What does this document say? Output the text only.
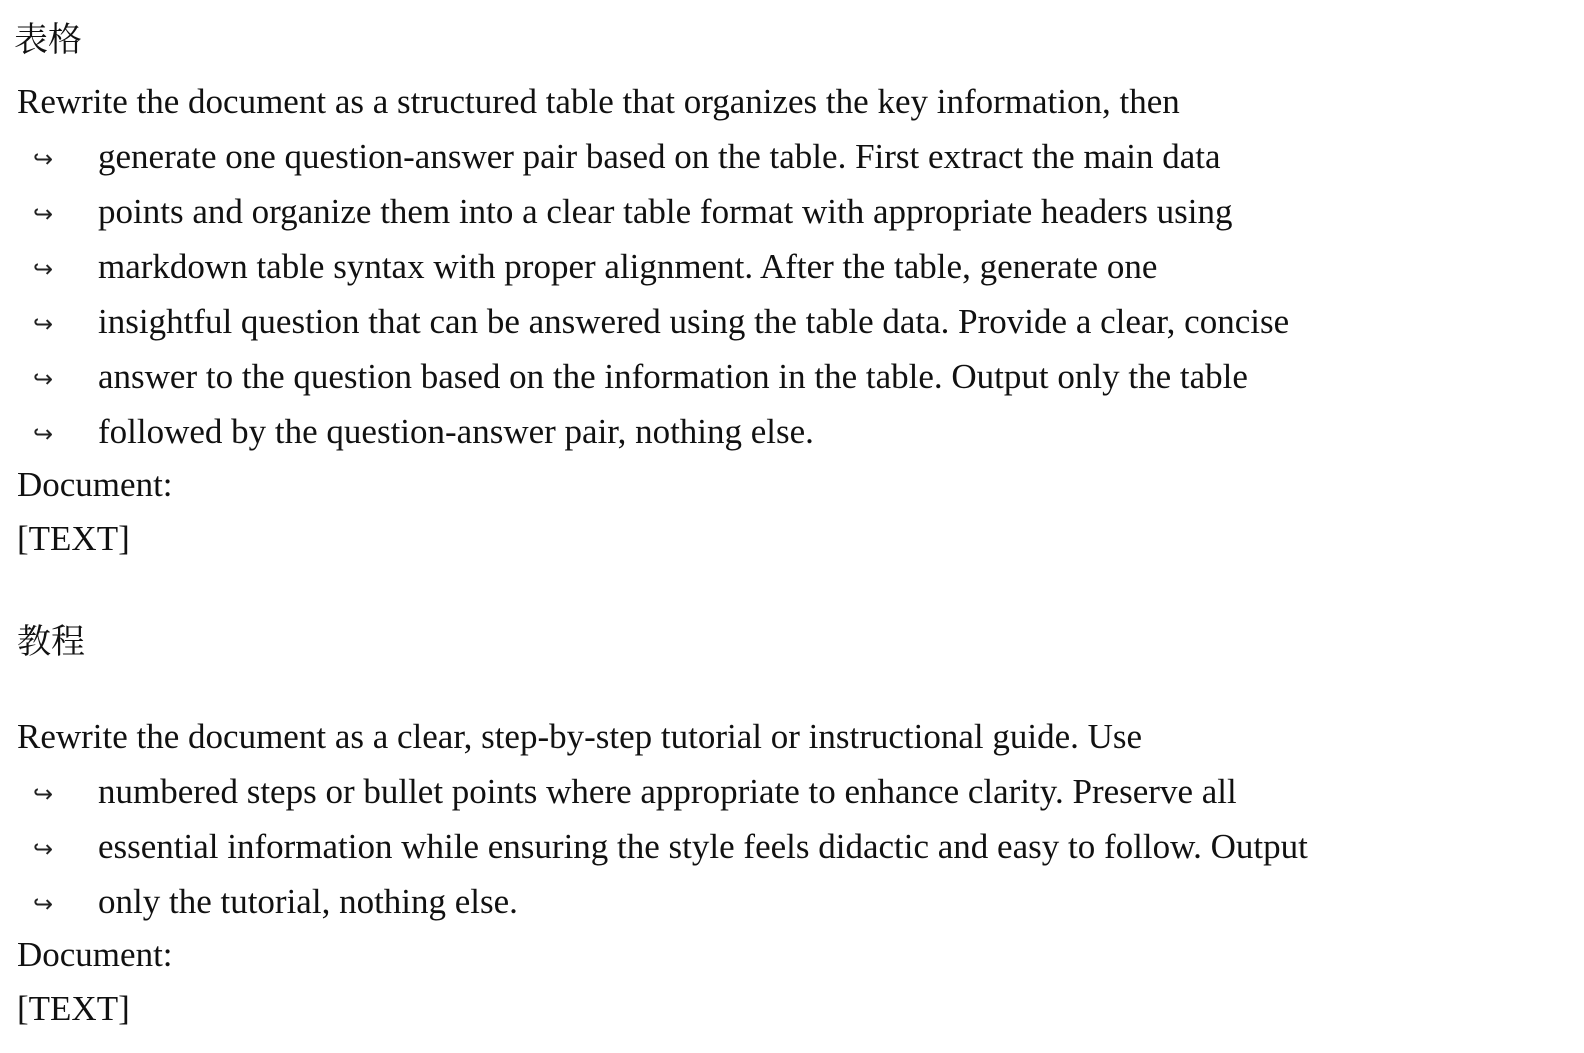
表格
Rewrite the document as a structured table that organizes the key information, then
↪ generate one question-answer pair based on the table. First extract the main data
↪ points and organize them into a clear table format with appropriate headers using
↪ markdown table syntax with proper alignment. After the table, generate one
↪ insightful question that can be answered using the table data. Provide a clear, concise
↪ answer to the question based on the information in the table. Output only the table
↪ followed by the question-answer pair, nothing else.
Document:
[TEXT]
教程
Rewrite the document as a clear, step-by-step tutorial or instructional guide. Use
↪ numbered steps or bullet points where appropriate to enhance clarity. Preserve all
↪ essential information while ensuring the style feels didactic and easy to follow. Output
↪ only the tutorial, nothing else.
Document:
[TEXT]
